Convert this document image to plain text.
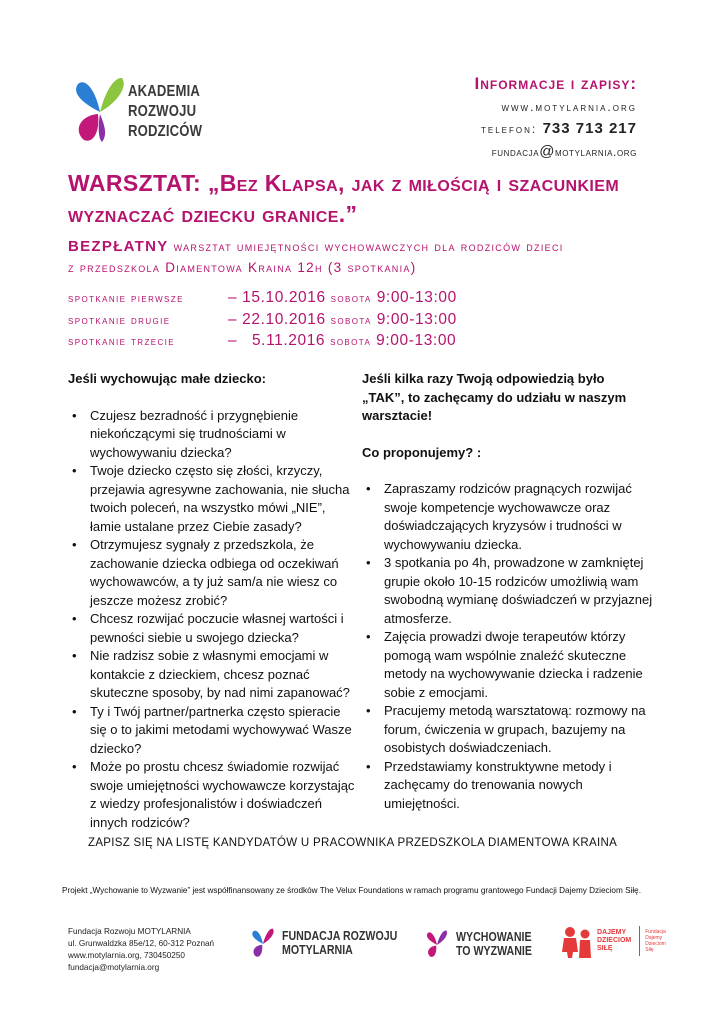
AKADEMIA
ROZWOJU
RODZICÓW
Informacje i zapisy:
www.motylarnia.org
telefon: 733 713 217
fundacja@motylarnia.org
WARSZTAT: „Bez Klapsa, jak z miłością i szacunkiem
wyznaczać dziecku granice.”
BEZPŁATNY warsztat umiejętności wychowawczych dla rodziców dzieci
z przedszkola Diamentowa Kraina 12h (3 spotkania)
spotkanie pierwsze	– 15.10.2016 sobota 9:00-13:00
spotkanie drugie	– 22.10.2016 sobota 9:00-13:00
spotkanie trzecie	–   5.11.2016 sobota 9:00-13:00
Jeśli wychowując małe dziecko:
• Czujesz bezradność i przygnębienie niekończącymi się trudnościami w wychowywaniu dziecka?
• Twoje dziecko często się złości, krzyczy, przejawia agresywne zachowania, nie słucha twoich poleceń, na wszystko mówi „NIE”, łamie ustalane przez Ciebie zasady?
• Otrzymujesz sygnały z przedszkola, że zachowanie dziecka odbiega od oczekiwań wychowawców, a ty już sam/a nie wiesz co jeszcze możesz zrobić?
• Chcesz rozwijać poczucie własnej wartości i pewności siebie u swojego dziecka?
• Nie radzisz sobie z własnymi emocjami w kontakcie z dzieckiem, chcesz poznać skuteczne sposoby, by nad nimi zapanować?
• Ty i Twój partner/partnerka często spieracie się o to jakimi metodami wychowywać Wasze dziecko?
• Może po prostu chcesz świadomie rozwijać swoje umiejętności wychowawcze korzystając z wiedzy profesjonalistów i doświadczeń innych rodziców?
Jeśli kilka razy Twoją odpowiedzią było „TAK”, to zachęcamy do udziału w naszym warsztacie!
Co proponujemy? :
• Zapraszamy rodziców pragnących rozwijać swoje kompetencje wychowawcze oraz doświadczających kryzysów i trudności w wychowywaniu dziecka.
• 3 spotkania po 4h, prowadzone w zamkniętej grupie około 10-15 rodziców umożliwią wam swobodną wymianę doświadczeń w przyjaznej atmosferze.
• Zajęcia prowadzi dwoje terapeutów którzy pomogą wam wspólnie znaleźć skuteczne metody na wychowywanie dziecka i radzenie sobie z emocjami.
• Pracujemy metodą warsztatową: rozmowy na forum, ćwiczenia w grupach, bazujemy na osobistych doświadczeniach.
• Przedstawiamy konstruktywne metody i zachęcamy do trenowania nowych umiejętności.
ZAPISZ SIĘ NA LISTĘ KANDYDATÓW U PRACOWNIKA PRZEDSZKOLA DIAMENTOWA KRAINA
Projekt „Wychowanie to Wyzwanie” jest współfinansowany ze środków The Velux Foundations w ramach programu grantowego Fundacji Dajemy Dzieciom Siłę.
Fundacja Rozwoju MOTYLARNIA
ul. Grunwaldzka 85e/12, 60-312 Poznań
www.motylarnia.org, 730450250
fundacja@motylarnia.org
FUNDACJA ROZWOJU
MOTYLARNIA
WYCHOWANIE
TO WYZWANIE
DAJEMY
DZIECIOM
SIŁĘ
Fundacja
Dajemy
Dzieciom
Siłę
